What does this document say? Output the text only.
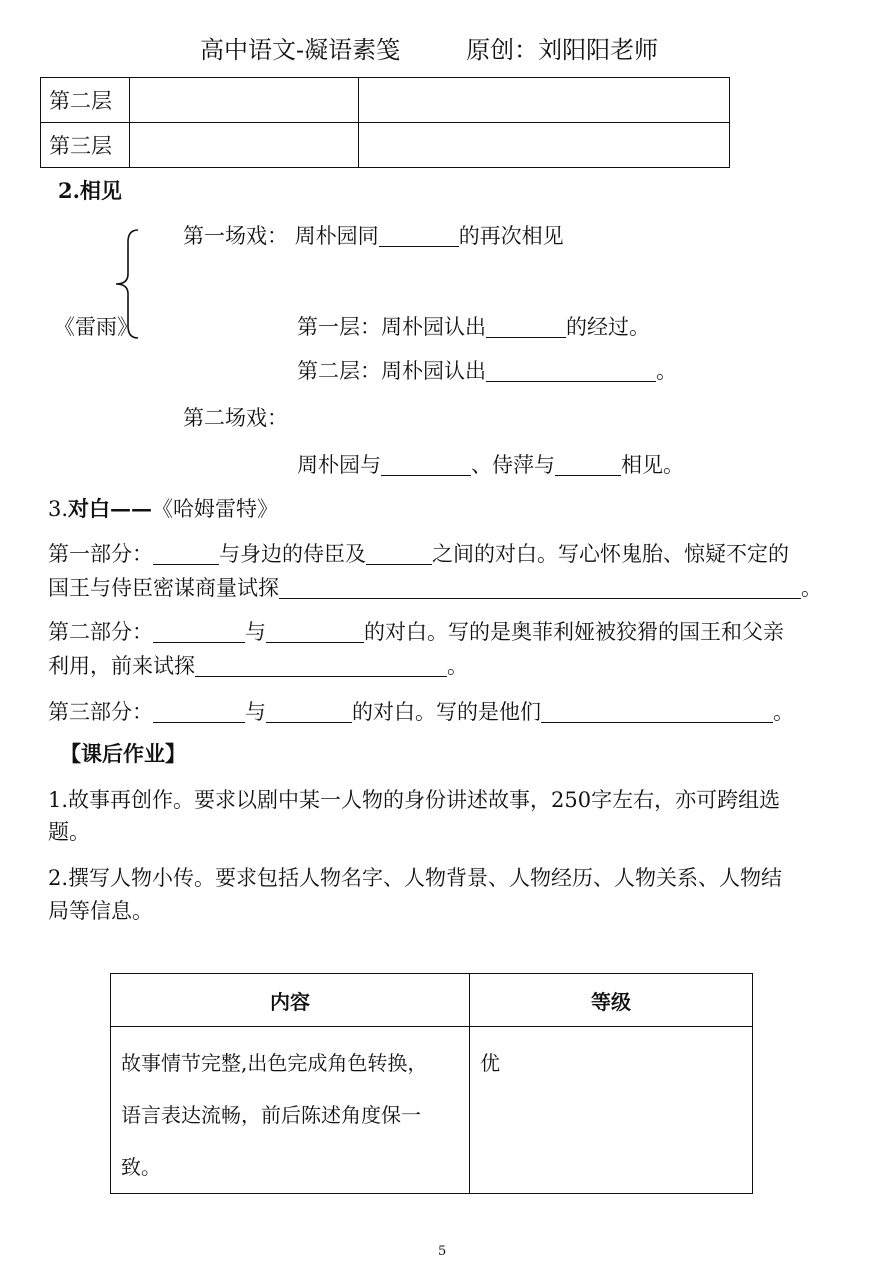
高中语文-凝语素笺	原创：刘阳阳老师
第二层		
第三层		
2.相见
第一场戏： 周朴园同	的再次相见
《雷雨》	第一层：周朴园认出	的经过。
第二层：周朴园认出	。
第二场戏：
周朴园与	、侍萍与	相见。
3.对白——《哈姆雷特》
第一部分：	与身边的侍臣及	之间的对白。写心怀鬼胎、惊疑不定的
国王与侍臣密谋商量试探	。
第二部分：	与	的对白。写的是奥菲利娅被狡猾的国王和父亲
利用，前来试探	。
第三部分：	与	的对白。写的是他们	。
【课后作业】
1.故事再创作。要求以剧中某一人物的身份讲述故事，250字左右，亦可跨组选
题。
2.撰写人物小传。要求包括人物名字、人物背景、人物经历、人物关系、人物结
局等信息。
内容	等级

故事情节完整,出色完成角色转换，
语言表达流畅，前后陈述角度保一
致。	优
5
